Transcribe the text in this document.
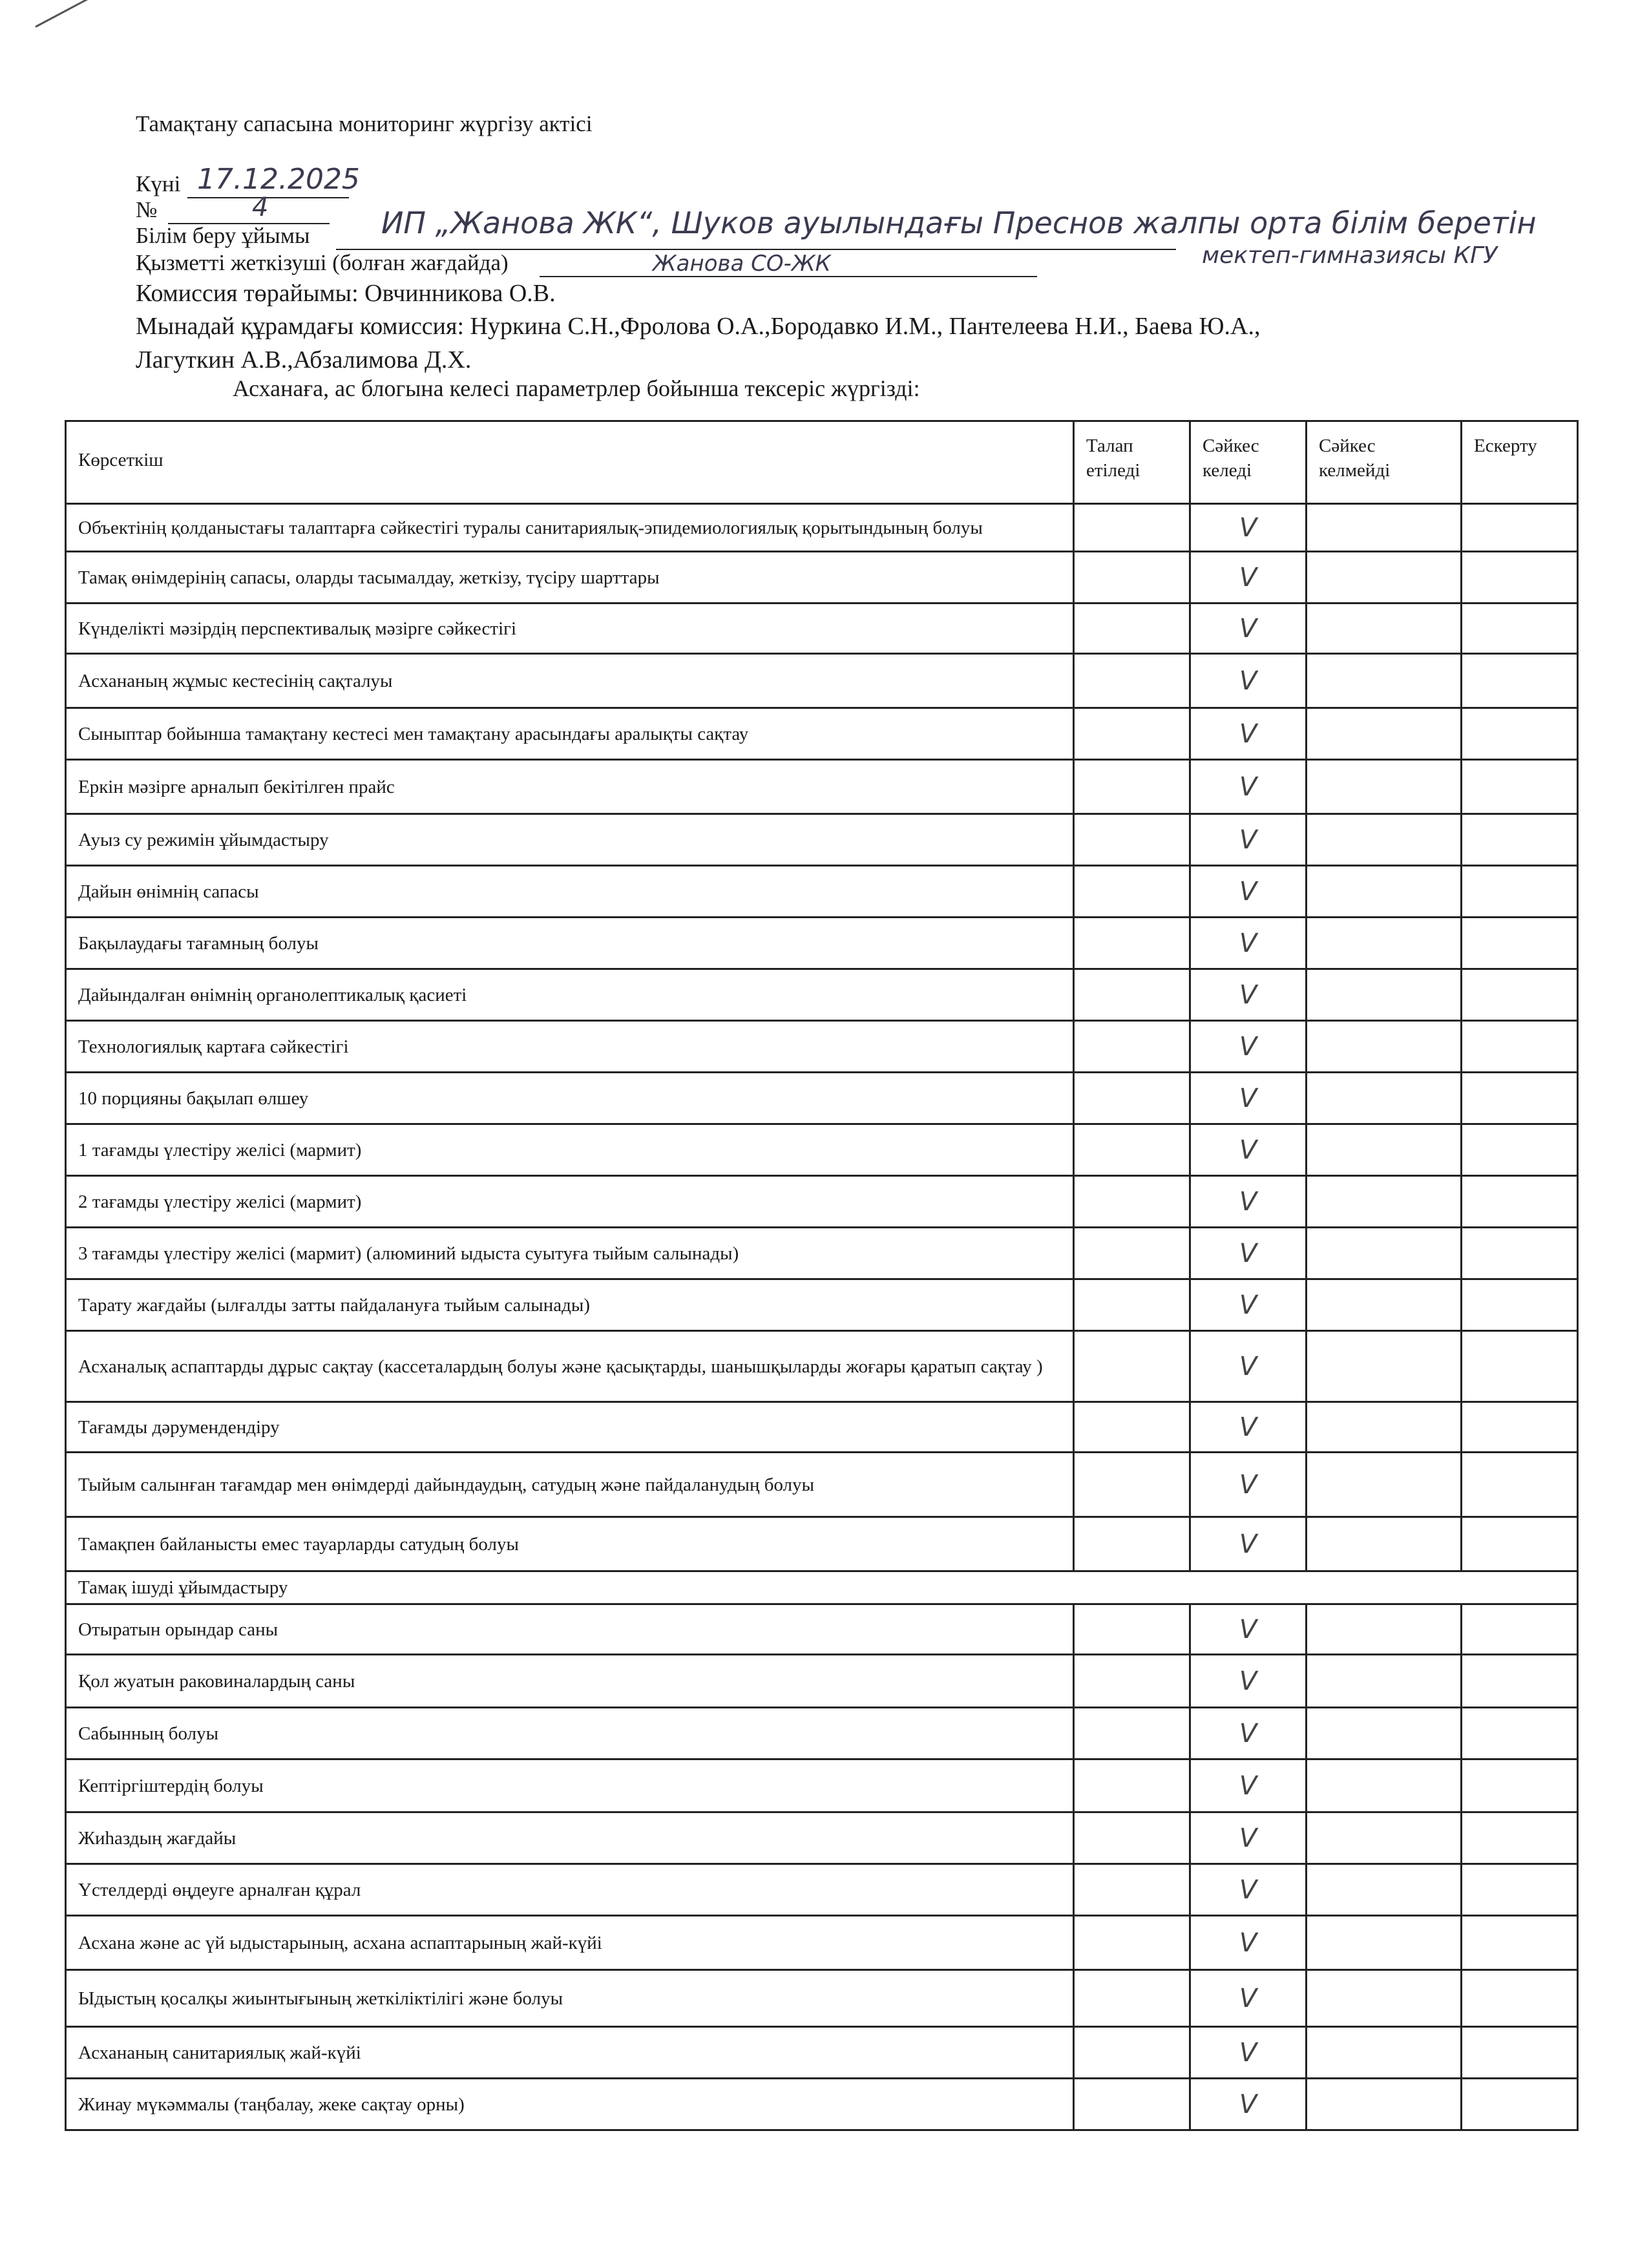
Тамақтану сапасына мониторинг жүргізу актісі
Күні 17.12.2025
№	4
Білім беру ұйымы ИП „Жанова ЖК“, Шуков ауылындағы Преснов жалпы орта білім беретін
мектеп-гимназиясы КГУ
Қызметті жеткізуші (болған жағдайда)	Жанова СО-ЖК
Комиссия төрайымы: Овчинникова О.В.
Мынадай құрамдағы комиссия: Нуркина С.Н.,Фролова О.А.,Бородавко И.М., Пантелеева Н.И., Баева Ю.А.,
Лагуткин А.В.,Абзалимова Д.Х.
Асханаға, ас блогына келесі параметрлер бойынша тексеріс жүргізді:
Көрсеткіш	Талап етіледі	Сәйкес келеді	Сәйкес келмейді	Ескерту
Объектінің қолданыстағы талаптарға сәйкестігі туралы санитариялық-эпидемиологиялық қорытындының болуы		V		
Тамақ өнімдерінің сапасы, оларды тасымалдау, жеткізу, түсіру шарттары		V		
Күнделікті мәзірдің перспективалық мәзірге сәйкестігі		V		
Асхананың жұмыс кестесінің сақталуы		V		
Сыныптар бойынша тамақтану кестесі мен тамақтану арасындағы аралықты сақтау		V		
Еркін мәзірге арналып бекітілген прайс		V		
Ауыз су режимін ұйымдастыру		V		
Дайын өнімнің сапасы		V		
Бақылаудағы тағамның болуы		V		
Дайындалған өнімнің органолептикалық қасиеті		V		
Технологиялық картаға сәйкестігі		V		
10 порцияны бақылап өлшеу		V		
1 тағамды үлестіру желісі (мармит)		V		
2 тағамды үлестіру желісі (мармит)		V		
3 тағамды үлестіру желісі (мармит) (алюминий ыдыста суытуға тыйым салынады)		V		
Тарату жағдайы (ылғалды затты пайдалануға тыйым салынады)		V		
Асханалық аспаптарды дұрыс сақтау (кассеталардың болуы және қасықтарды, шанышқыларды жоғары қаратып сақтау )		V		
Тағамды дәрумендендіру		V		
Тыйым салынған тағамдар мен өнімдерді дайындаудың, сатудың және пайдаланудың болуы		V		
Тамақпен байланысты емес тауарларды сатудың болуы		V		
Тамақ ішуді ұйымдастыру				
Отыратын орындар саны		V		
Қол жуатын раковиналардың саны		V		
Сабынның болуы		V		
Кептіргіштердің болуы		V		
Жиhаздың жағдайы		V		
Үстелдерді өңдеуге арналған құрал		V		
Асхана және ас үй ыдыстарының, асхана аспаптарының жай-күйі		V		
Ыдыстың қосалқы жиынтығының жеткіліктілігі және болуы		V		
Асхананың санитариялық жай-күйі		V		
Жинау мүкәммалы (таңбалау, жеке сақтау орны)		V		
